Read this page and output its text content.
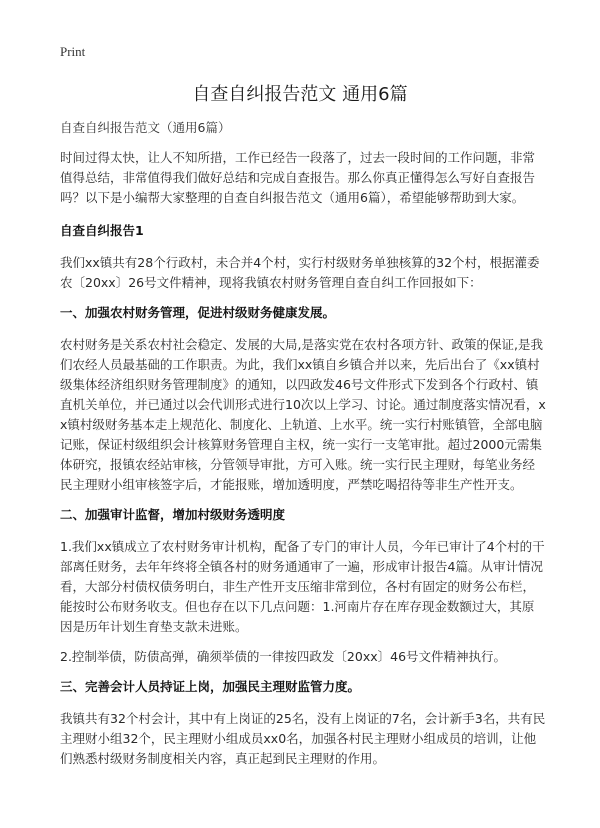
Print
自查自纠报告范文 通用6篇

自查自纠报告范文（通用6篇）

时间过得太快，让人不知所措，工作已经告一段落了，过去一段时间的工作问题，非常值得总结，非常值得我们做好总结和完成自查报告。那么你真正懂得怎么写好自查报告吗？以下是小编帮大家整理的自查自纠报告范文（通用6篇），希望能够帮助到大家。

自查自纠报告1

我们xx镇共有28个行政村，未合并4个村，实行村级财务单独核算的32个村，根据灌委农〔20xx〕26号文件精神，现将我镇农村财务管理自查自纠工作回报如下：

一、加强农村财务管理，促进村级财务健康发展。

农村财务是关系农村社会稳定、发展的大局,是落实党在农村各项方针、政策的保证,是我们农经人员最基础的工作职责。为此，我们xx镇自乡镇合并以来，先后出台了《xx镇村级集体经济组织财务管理制度》的通知，以四政发46号文件形式下发到各个行政村、镇直机关单位，并已通过以会代训形式进行10次以上学习、讨论。通过制度落实情况看，xx镇村级财务基本走上规范化、制度化、上轨道、上水平。统一实行村账镇管，全部电脑记账，保证村级组织会计核算财务管理自主权，统一实行一支笔审批。超过2000元需集体研究，报镇农经站审核，分管领导审批，方可入账。统一实行民主理财，每笔业务经民主理财小组审核签字后，才能报账，增加透明度，严禁吃喝招待等非生产性开支。

二、加强审计监督，增加村级财务透明度

1.我们xx镇成立了农村财务审计机构，配备了专门的审计人员，今年已审计了4个村的干部离任财务，去年年终将全镇各村的财务通通审了一遍，形成审计报告4篇。从审计情况看，大部分村债权债务明白，非生产性开支压缩非常到位，各村有固定的财务公布栏，能按时公布财务收支。但也存在以下几点问题：1.河南片存在库存现金数额过大，其原因是历年计划生育垫支款未进账。

2.控制举债，防债高弹，确须举债的一律按四政发〔20xx〕46号文件精神执行。

三、完善会计人员持证上岗，加强民主理财监管力度。

我镇共有32个村会计，其中有上岗证的25名，没有上岗证的7名，会计新手3名，共有民主理财小组32个，民主理财小组成员xx0名，加强各村民主理财小组成员的培训，让他们熟悉村级财务制度相关内容，真正起到民主理财的作用。
